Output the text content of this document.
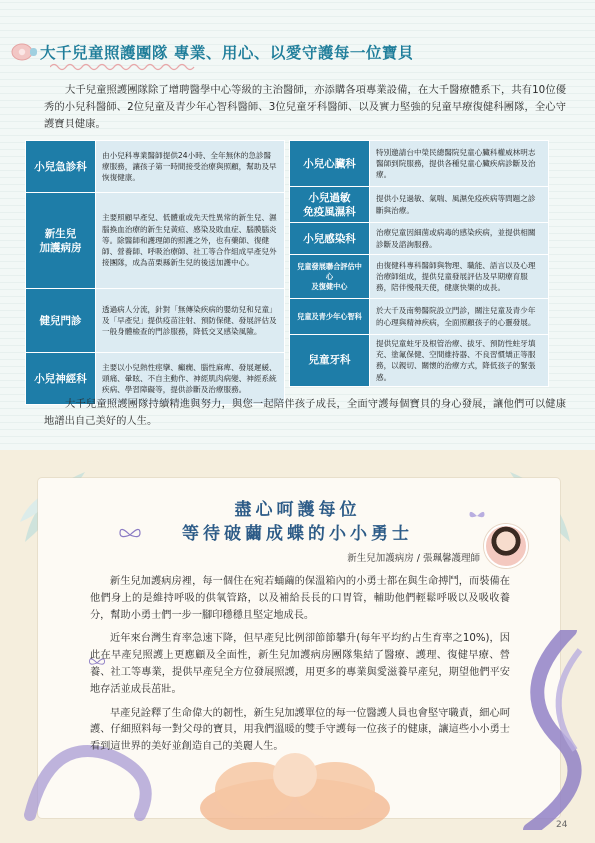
大千兒童照護團隊 專業、用心、以愛守護每一位寶貝

大千兒童照護團隊除了增聘醫學中心等級的主治醫師，亦添購各項專業設備，在大千醫療體系下，共有10位優秀的小兒科醫師、2位兒童及青少年心智科醫師、3位兒童牙科醫師、以及實力堅強的兒童早療復健科團隊，全心守護寶貝健康。

小兒急診科	由小兒科專業醫師提供24小時、全年無休的急診醫療服務，讓孩子第一時間接受治療與照顧，幫助及早恢復健康。
新生兒
加護病房	主要照顧早產兒、低體重或先天性異常的新生兒、濕腦換血治療的新生兒黃疸、感染及敗血症、腦膜腦炎等。除醫師和護理師的照護之外，也有藥師、復健師、營養師、呼吸治療師、社工等合作組成早產兒外接團隊，成為苗栗縣新生兒的後送加護中心。
健兒門診	透過病人分流，針對「無傳染疾病的嬰幼兒和兒童」及「早產兒」提供疫苗注射、預防保健、發展評估及一般身體檢查的門診服務，降低交叉感染風險。
小兒神經科	主要以小兒熱性痙攣、癲癇、腦性麻痺、發展遲緩、頭痛、暈眩、不自主動作、神經肌肉病變、神經系統疾病、學習障礙等，提供診斷及治療服務。
小兒心臟科	特別邀請台中榮民總醫院兒童心臟科權威林明志醫師到院服務，提供各種兒童心臟疾病診斷及治療。
小兒過敏
免疫風濕科	提供小兒過敏、氣喘、風濕免疫疾病等問題之診斷與治療。
小兒感染科	治療兒童因細菌或病毒的感染疾病，並提供相關診斷及諮詢服務。
兒童發展聯合評估中心
及復健中心	由復健科專科醫師與物理、職能、語言以及心理治療師組成，提供兒童發展評估及早期療育服務，陪伴慢飛天使，健康快樂的成長。
兒童及青少年心智科	於大千及南勢醫院設立門診，關注兒童及青少年的心理與精神疾病，全面照顧孩子的心靈發展。
兒童牙科	提供兒童蛀牙及根管治療、拔牙、預防性蛀牙填充、塗氟保健、空間維持器、不良習慣矯正等服務，以親切、關懷的治療方式，降低孩子的緊張感。

大千兒童照護團隊持續精進與努力，與您一起陪伴孩子成長，全面守護每個寶貝的身心發展，讓他們可以健康地譜出自己美好的人生。

盡心呵護每位
等待破繭成蝶的小小勇士

新生兒加護病房 / 張珮馨護理師

新生兒加護病房裡，每一個住在宛若蛹繭的保溫箱內的小勇士都在與生命搏鬥，而裝備在他們身上的是維持呼吸的供氧管路，以及補給長長的口胃管，輔助他們輕鬆呼吸以及吸收養分，幫助小勇士們一步一腳印穩穩且堅定地成長。

近年來台灣生育率急速下降，但早產兒比例卻節節攀升(每年平均約占生育率之10%)，因此在早產兒照護上更應顧及全面性，新生兒加護病房團隊集結了醫療、護理、復健早療、營養、社工等專業，提供早產兒全方位發展照護，用更多的專業與愛滋養早產兒，期望他們平安地存活並成長茁壯。

早產兒詮釋了生命偉大的韌性，新生兒加護單位的每一位醫護人員也會堅守職責，細心呵護、仔細照料每一對父母的寶貝，用我們溫暖的雙手守護每一位孩子的健康，讓這些小小勇士看到這世界的美好並創造自己的美麗人生。

24
